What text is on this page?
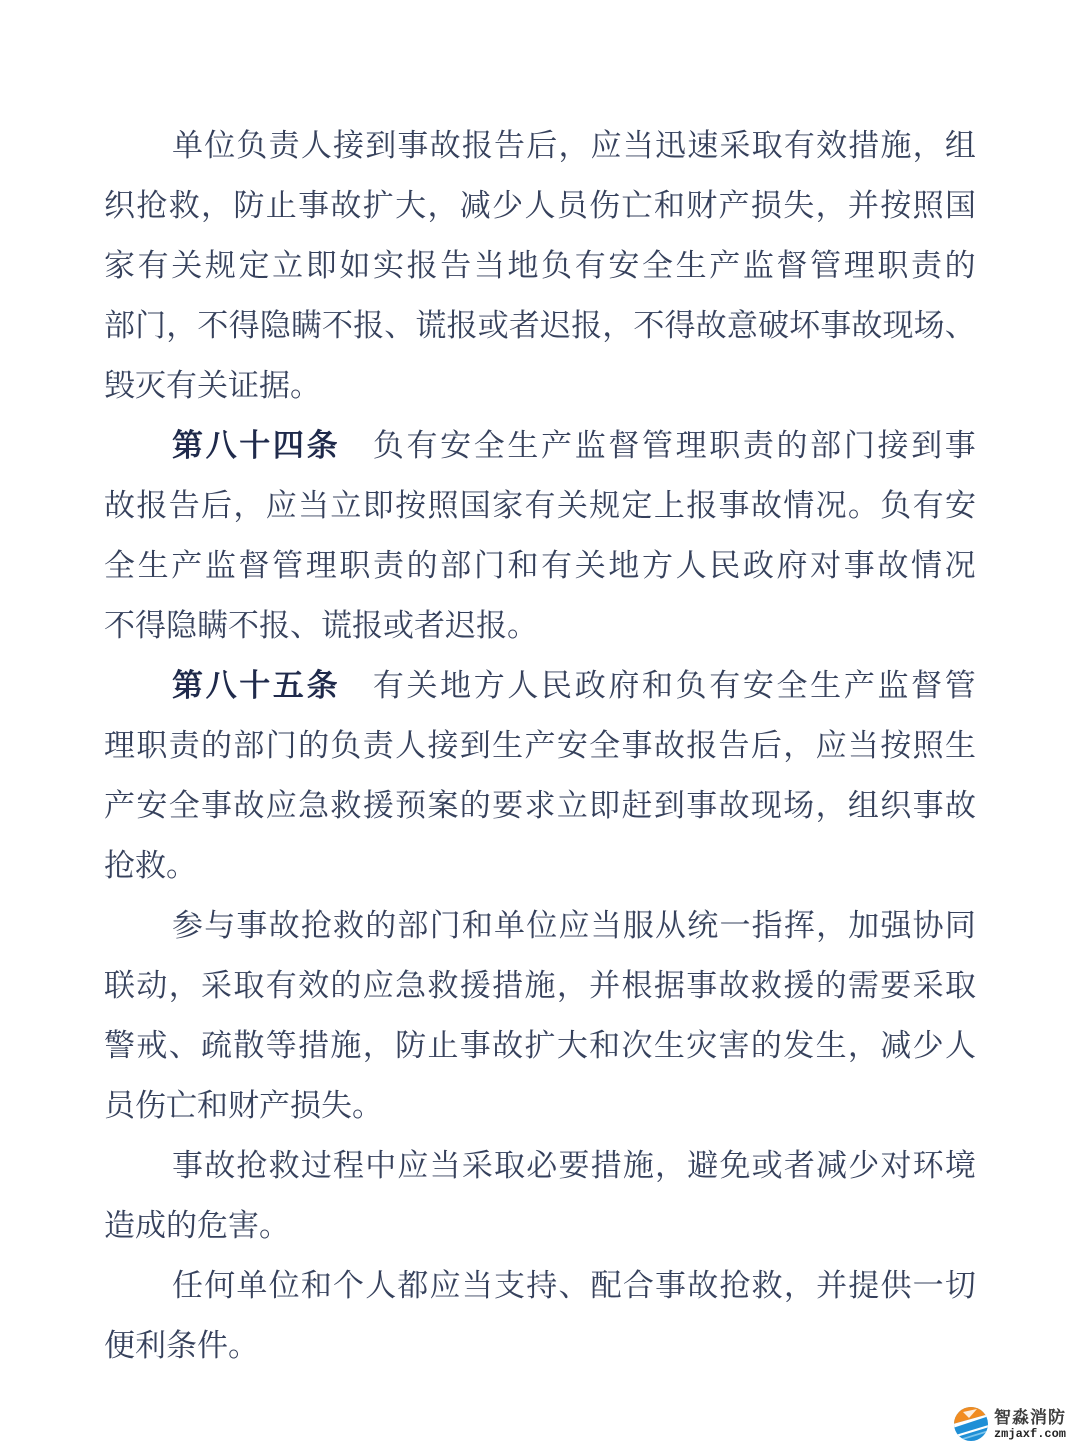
单 位 负 责 人 接 到 事 故 报 告 后 ， 应 当 迅 速 采 取 有 效 措 施 ， 组
织 抢 救 ， 防 止 事 故 扩 大 ， 减 少 人 员 伤 亡 和 财 产 损 失 ， 并 按 照 国
家 有 关 规 定 立 即 如 实 报 告 当 地 负 有 安 全 生 产 监 督 管 理 职 责 的
部 门 ， 不 得 隐 瞒 不 报 、 谎 报 或 者 迟 报 ， 不 得 故 意 破 坏 事 故 现 场 、
毁 灭 有 关 证 据 。
第 八 十 四 条 负 有 安 全 生 产 监 督 管 理 职 责 的 部 门 接 到 事
故 报 告 后 ， 应 当 立 即 按 照 国 家 有 关 规 定 上 报 事 故 情 况 。 负 有 安
全 生 产 监 督 管 理 职 责 的 部 门 和 有 关 地 方 人 民 政 府 对 事 故 情 况
不 得 隐 瞒 不 报 、 谎 报 或 者 迟 报 。
第 八 十 五 条 有 关 地 方 人 民 政 府 和 负 有 安 全 生 产 监 督 管
理 职 责 的 部 门 的 负 责 人 接 到 生 产 安 全 事 故 报 告 后 ， 应 当 按 照 生
产 安 全 事 故 应 急 救 援 预 案 的 要 求 立 即 赶 到 事 故 现 场 ， 组 织 事 故
抢 救 。
参 与 事 故 抢 救 的 部 门 和 单 位 应 当 服 从 统 一 指 挥 ， 加 强 协 同
联 动 ， 采 取 有 效 的 应 急 救 援 措 施 ， 并 根 据 事 故 救 援 的 需 要 采 取
警 戒 、 疏 散 等 措 施 ， 防 止 事 故 扩 大 和 次 生 灾 害 的 发 生 ， 减 少 人
员 伤 亡 和 财 产 损 失 。
事 故 抢 救 过 程 中 应 当 采 取 必 要 措 施 ， 避 免 或 者 减 少 对 环 境
造 成 的 危 害 。
任 何 单 位 和 个 人 都 应 当 支 持 、 配 合 事 故 抢 救 ， 并 提 供 一 切
便 利 条 件 。
智淼消防
zmjaxf.com
